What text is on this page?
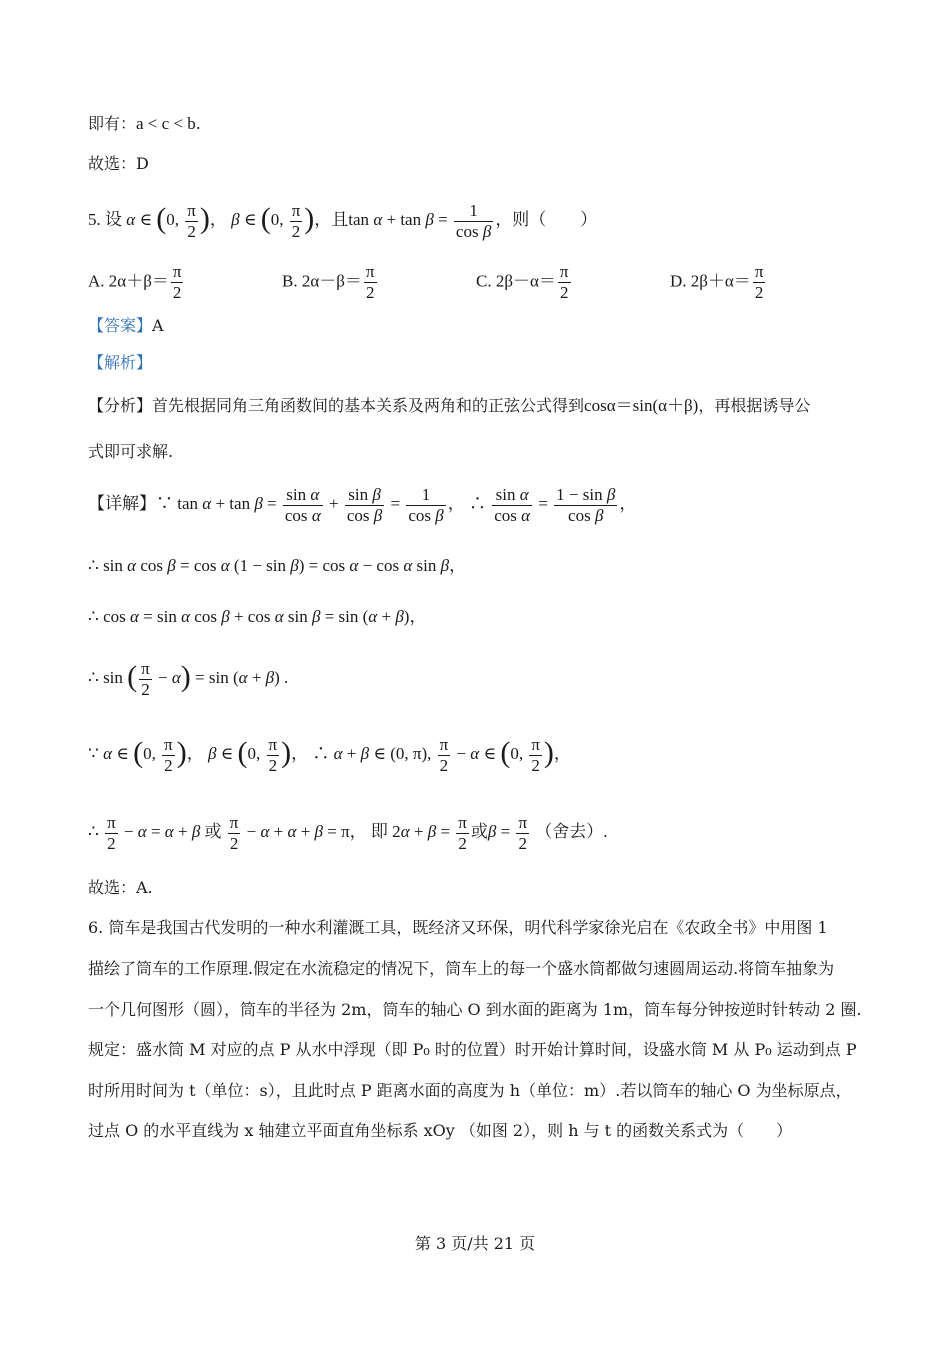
即有：a < c < b.
故选：D
5. 设 α ∈ (0, $\frac{\pi}{2}$ )， β ∈ (0, $\frac{\pi}{2}$ )，且$\tan \alpha + \tan \beta = \frac{1}{\text{cos β}}$ ，则（　　）
A. $2\alpha+\beta= \frac{\pi}{2}$	B. $2\alpha-\beta= \frac{\pi}{2}$	C. $2\beta-\alpha= \frac{\pi}{2}$	D. $2\beta+\alpha= \frac{\pi}{2}$
【答案】A
【解析】
【分析】首先根据同角三角函数间的基本关系及两角和的正弦公式得到cosα＝sin(α＋β)，再根据诱导公
式即可求解.
【详解】∵ $\tan \alpha + \tan \beta = \frac{\text{sin α}}{\text{cos α}} + \frac{\text{sin β}}{\text{cos β}} = \frac{1}{\text{cos β}}$ ， ∴ $\frac{\text{sin α}}{\text{cos α}} = \frac{\text{1 − sin β}}{\text{cos β}}$ ，
∴ sin α cos β = cos α (1 − sin β) = cos α − cos α sin β，
∴ cos α = sin α cos β + cos α sin β = sin (α + β)，
∴ sin ( $\frac{\pi}{2} - \alpha) = \sin (\alpha + \beta)$ .
∵ α ∈ (0, $\frac{\pi}{2}$ )， β ∈ (0, $\frac{\pi}{2}$ )， ∴ α + β ∈ (0, π), $\frac{\pi}{2} - \alpha$ ∈ (0, $\frac{\pi}{2}$ )，
∴ $\frac{\pi}{2} - \alpha = \alpha + \beta$ 或 $\frac{\pi}{2} - \alpha + \alpha + \beta = \pi$， 即 $2\alpha + \beta = \frac{\pi}{2}$ 或$\beta = \frac{\pi}{2}$ （舍去）.
故选：A.
6. 筒车是我国古代发明的一种水利灌溉工具，既经济又环保，明代科学家徐光启在《农政全书》中用图 1
描绘了筒车的工作原理.假定在水流稳定的情况下，筒车上的每一个盛水筒都做匀速圆周运动.将筒车抽象为
一个几何图形（圆），筒车的半径为 2m，筒车的轴心 O 到水面的距离为 1m，筒车每分钟按逆时针转动 2 圈.
规定：盛水筒 M 对应的点 P 从水中浮现（即 P₀ 时的位置）时开始计算时间，设盛水筒 M 从 P₀ 运动到点 P
时所用时间为 t（单位：s），且此时点 P 距离水面的高度为 h（单位：m）.若以筒车的轴心 O 为坐标原点，
过点 O 的水平直线为 x 轴建立平面直角坐标系 xOy （如图 2），则 h 与 t 的函数关系式为（　　）
第 3 页/共 21 页
